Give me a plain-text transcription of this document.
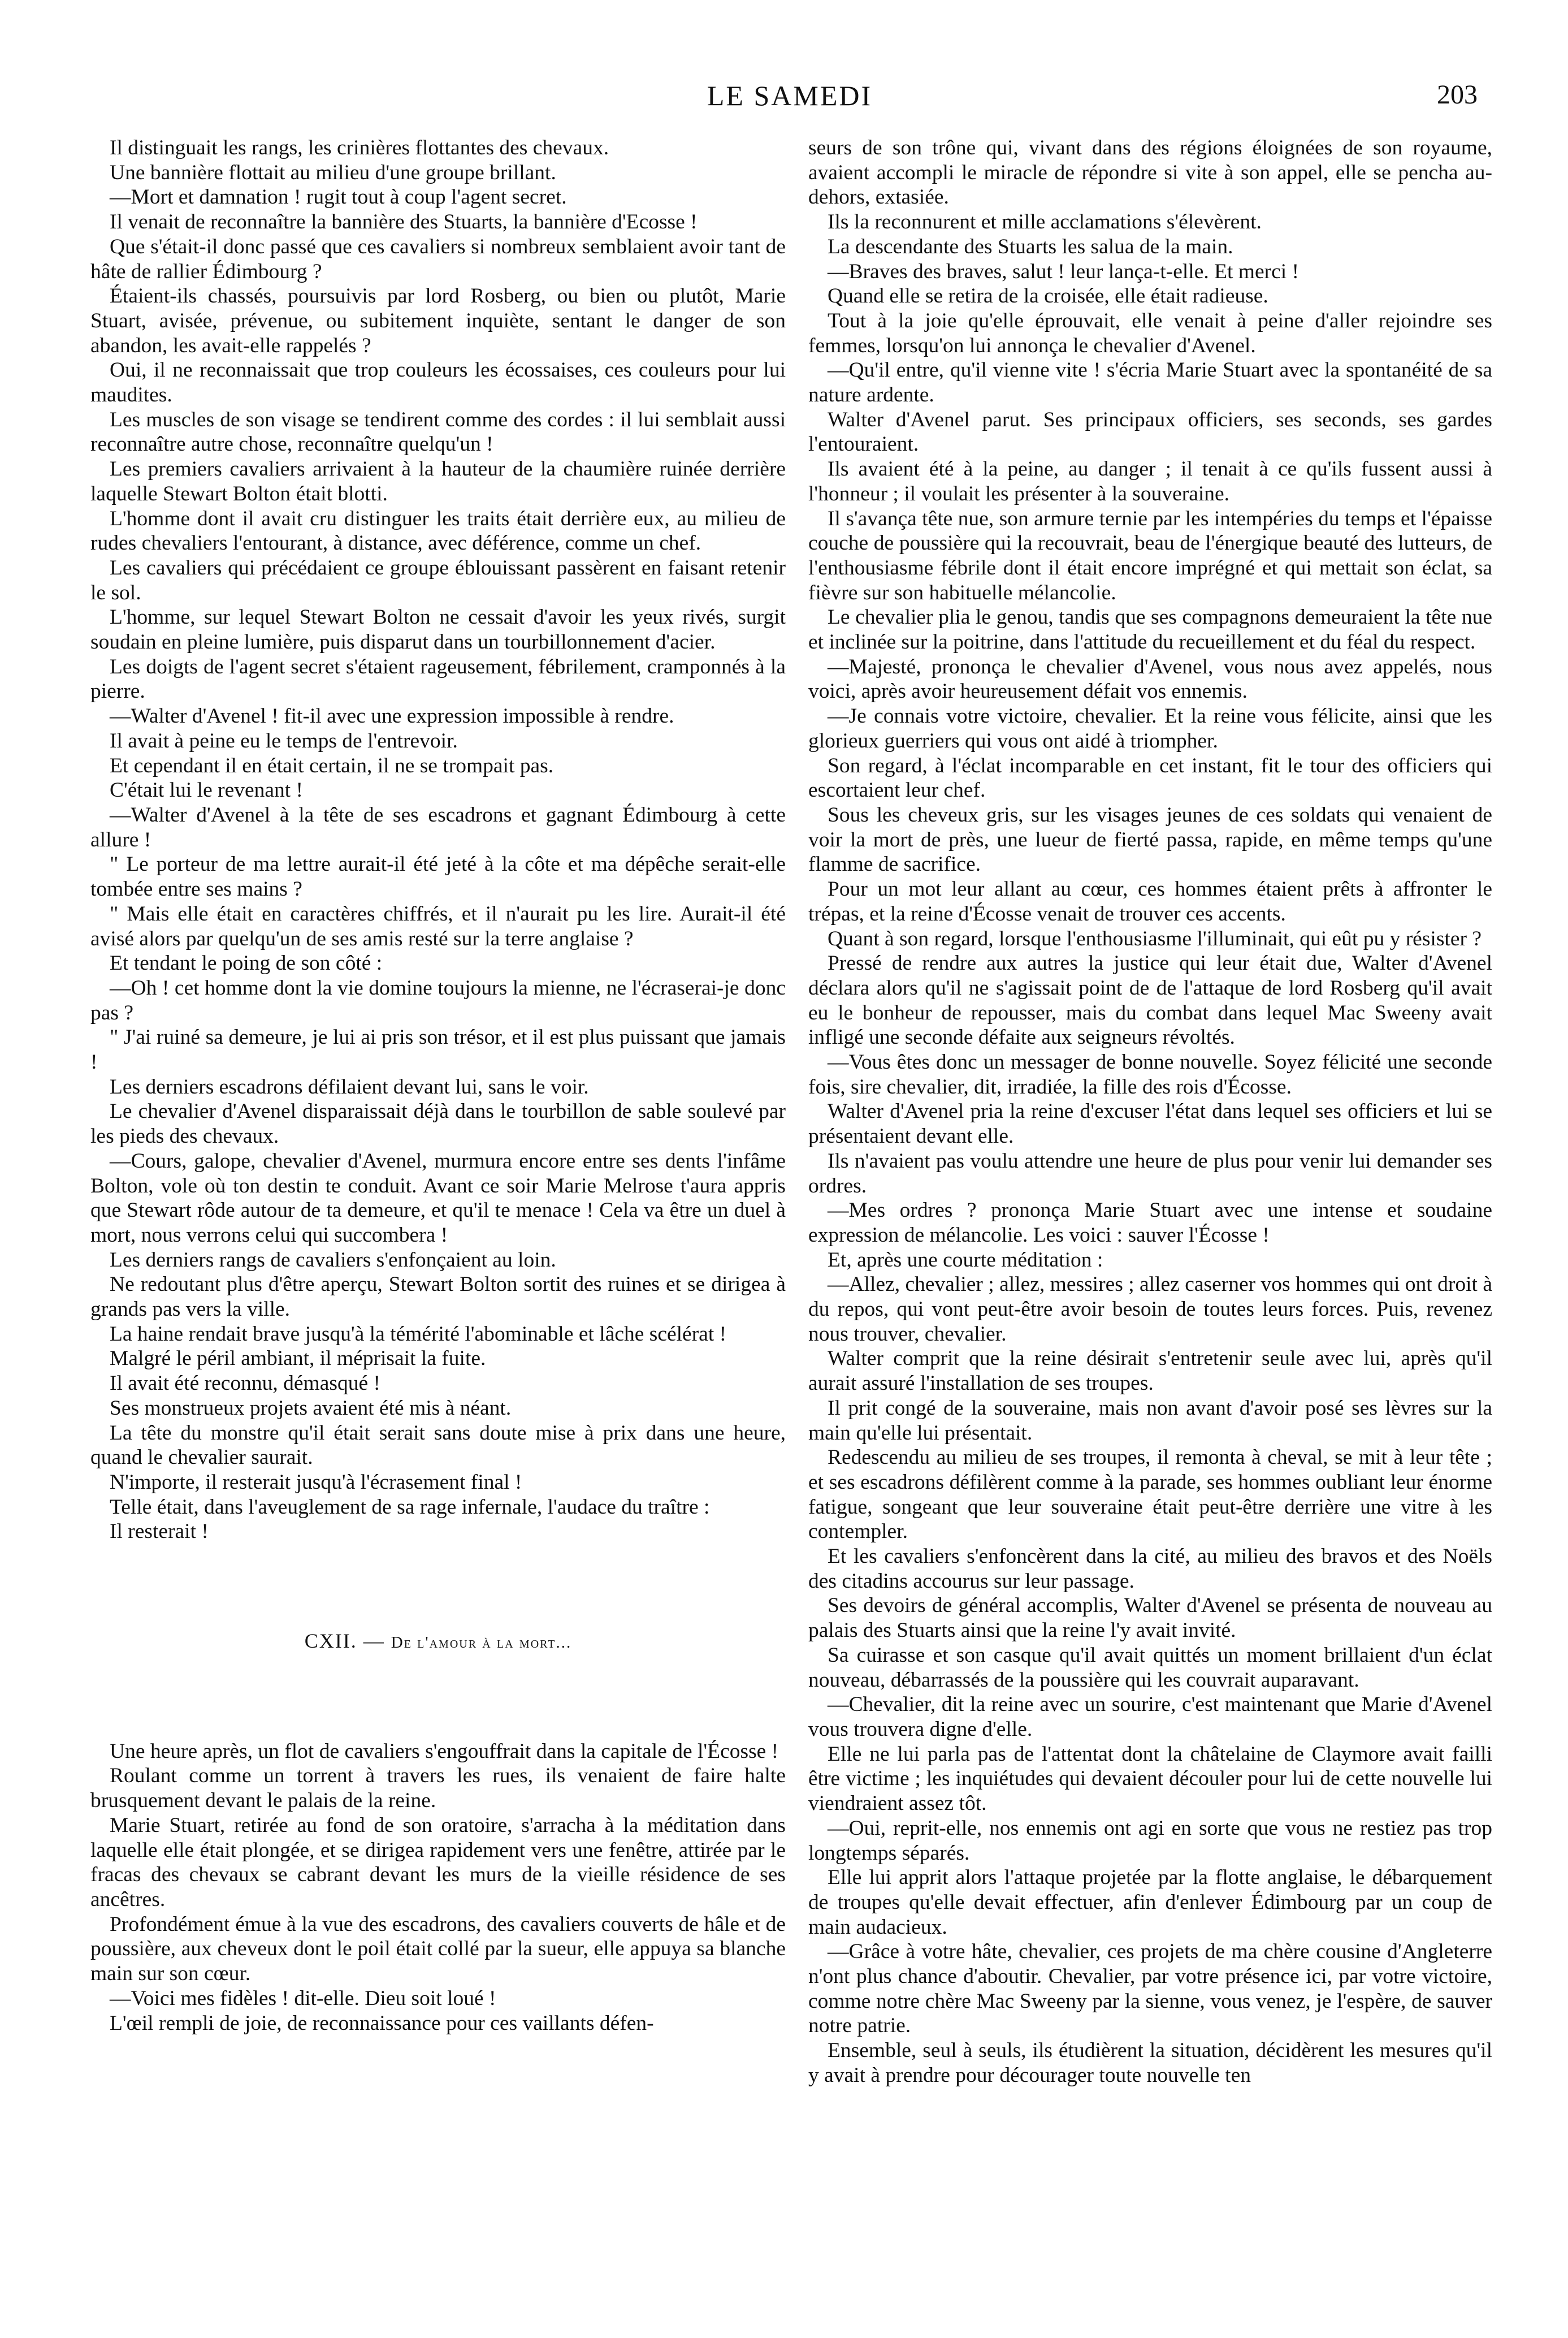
LE SAMEDI	203

Il distinguait les rangs, les crinières flottantes des chevaux.

Une bannière flottait au milieu d'une groupe brillant.

—Mort et damnation ! rugit tout à coup l'agent secret.

Il venait de reconnaître la bannière des Stuarts, la bannière d'Ecosse !

Que s'était-il donc passé que ces cavaliers si nombreux semblaient avoir tant de hâte de rallier Édimbourg ?

Étaient-ils chassés, poursuivis par lord Rosberg, ou bien ou plutôt, Marie Stuart, avisée, prévenue, ou subitement inquiète, sentant le danger de son abandon, les avait-elle rappelés ?

Oui, il ne reconnaissait que trop couleurs les écossaises, ces couleurs pour lui maudites.

Les muscles de son visage se tendirent comme des cordes : il lui semblait aussi reconnaître autre chose, reconnaître quelqu'un !

Les premiers cavaliers arrivaient à la hauteur de la chaumière ruinée derrière laquelle Stewart Bolton était blotti.

L'homme dont il avait cru distinguer les traits était derrière eux, au milieu de rudes chevaliers l'entourant, à distance, avec déférence, comme un chef.

Les cavaliers qui précédaient ce groupe éblouissant passèrent en faisant retenir le sol.

L'homme, sur lequel Stewart Bolton ne cessait d'avoir les yeux rivés, surgit soudain en pleine lumière, puis disparut dans un tourbillonnement d'acier.

Les doigts de l'agent secret s'étaient rageusement, fébrilement, cramponnés à la pierre.

—Walter d'Avenel ! fit-il avec une expression impossible à rendre.

Il avait à peine eu le temps de l'entrevoir.

Et cependant il en était certain, il ne se trompait pas.

C'était lui le revenant !

—Walter d'Avenel à la tête de ses escadrons et gagnant Édimbourg à cette allure !

" Le porteur de ma lettre aurait-il été jeté à la côte et ma dépêche serait-elle tombée entre ses mains ?

" Mais elle était en caractères chiffrés, et il n'aurait pu les lire. Aurait-il été avisé alors par quelqu'un de ses amis resté sur la terre anglaise ?

Et tendant le poing de son côté :

—Oh ! cet homme dont la vie domine toujours la mienne, ne l'écraserai-je donc pas ?

" J'ai ruiné sa demeure, je lui ai pris son trésor, et il est plus puissant que jamais !

Les derniers escadrons défilaient devant lui, sans le voir.

Le chevalier d'Avenel disparaissait déjà dans le tourbillon de sable soulevé par les pieds des chevaux.

—Cours, galope, chevalier d'Avenel, murmura encore entre ses dents l'infâme Bolton, vole où ton destin te conduit. Avant ce soir Marie Melrose t'aura appris que Stewart rôde autour de ta demeure, et qu'il te menace ! Cela va être un duel à mort, nous verrons celui qui succombera !

Les derniers rangs de cavaliers s'enfonçaient au loin.

Ne redoutant plus d'être aperçu, Stewart Bolton sortit des ruines et se dirigea à grands pas vers la ville.

La haine rendait brave jusqu'à la témérité l'abominable et lâche scélérat !

Malgré le péril ambiant, il méprisait la fuite.

Il avait été reconnu, démasqué !

Ses monstrueux projets avaient été mis à néant.

La tête du monstre qu'il était serait sans doute mise à prix dans une heure, quand le chevalier saurait.

N'importe, il resterait jusqu'à l'écrasement final !

Telle était, dans l'aveuglement de sa rage infernale, l'audace du traître :

Il resterait !

CXII. — De l'amour à la mort...

Une heure après, un flot de cavaliers s'engouffrait dans la capitale de l'Écosse !

Roulant comme un torrent à travers les rues, ils venaient de faire halte brusquement devant le palais de la reine.

Marie Stuart, retirée au fond de son oratoire, s'arracha à la méditation dans laquelle elle était plongée, et se dirigea rapidement vers une fenêtre, attirée par le fracas des chevaux se cabrant devant les murs de la vieille résidence de ses ancêtres.

Profondément émue à la vue des escadrons, des cavaliers couverts de hâle et de poussière, aux cheveux dont le poil était collé par la sueur, elle appuya sa blanche main sur son cœur.

—Voici mes fidèles ! dit-elle. Dieu soit loué !

L'œil rempli de joie, de reconnaissance pour ces vaillants défen-

seurs de son trône qui, vivant dans des régions éloignées de son royaume, avaient accompli le miracle de répondre si vite à son appel, elle se pencha au-dehors, extasiée.

Ils la reconnurent et mille acclamations s'élevèrent.

La descendante des Stuarts les salua de la main.

—Braves des braves, salut ! leur lança-t-elle. Et merci !

Quand elle se retira de la croisée, elle était radieuse.

Tout à la joie qu'elle éprouvait, elle venait à peine d'aller rejoindre ses femmes, lorsqu'on lui annonça le chevalier d'Avenel.

—Qu'il entre, qu'il vienne vite ! s'écria Marie Stuart avec la spontanéité de sa nature ardente.

Walter d'Avenel parut. Ses principaux officiers, ses seconds, ses gardes l'entouraient.

Ils avaient été à la peine, au danger ; il tenait à ce qu'ils fussent aussi à l'honneur ; il voulait les présenter à la souveraine.

Il s'avança tête nue, son armure ternie par les intempéries du temps et l'épaisse couche de poussière qui la recouvrait, beau de l'énergique beauté des lutteurs, de l'enthousiasme fébrile dont il était encore imprégné et qui mettait son éclat, sa fièvre sur son habituelle mélancolie.

Le chevalier plia le genou, tandis que ses compagnons demeuraient la tête nue et inclinée sur la poitrine, dans l'attitude du recueillement et du féal du respect.

—Majesté, prononça le chevalier d'Avenel, vous nous avez appelés, nous voici, après avoir heureusement défait vos ennemis.

—Je connais votre victoire, chevalier. Et la reine vous félicite, ainsi que les glorieux guerriers qui vous ont aidé à triompher.

Son regard, à l'éclat incomparable en cet instant, fit le tour des officiers qui escortaient leur chef.

Sous les cheveux gris, sur les visages jeunes de ces soldats qui venaient de voir la mort de près, une lueur de fierté passa, rapide, en même temps qu'une flamme de sacrifice.

Pour un mot leur allant au cœur, ces hommes étaient prêts à affronter le trépas, et la reine d'Écosse venait de trouver ces accents.

Quant à son regard, lorsque l'enthousiasme l'illuminait, qui eût pu y résister ?

Pressé de rendre aux autres la justice qui leur était due, Walter d'Avenel déclara alors qu'il ne s'agissait point de de l'attaque de lord Rosberg qu'il avait eu le bonheur de repousser, mais du combat dans lequel Mac Sweeny avait infligé une seconde défaite aux seigneurs révoltés.

—Vous êtes donc un messager de bonne nouvelle. Soyez félicité une seconde fois, sire chevalier, dit, irradiée, la fille des rois d'Écosse.

Walter d'Avenel pria la reine d'excuser l'état dans lequel ses officiers et lui se présentaient devant elle.

Ils n'avaient pas voulu attendre une heure de plus pour venir lui demander ses ordres.

—Mes ordres ? prononça Marie Stuart avec une intense et soudaine expression de mélancolie. Les voici : sauver l'Écosse !

Et, après une courte méditation :

—Allez, chevalier ; allez, messires ; allez caserner vos hommes qui ont droit à du repos, qui vont peut-être avoir besoin de toutes leurs forces. Puis, revenez nous trouver, chevalier.

Walter comprit que la reine désirait s'entretenir seule avec lui, après qu'il aurait assuré l'installation de ses troupes.

Il prit congé de la souveraine, mais non avant d'avoir posé ses lèvres sur la main qu'elle lui présentait.

Redescendu au milieu de ses troupes, il remonta à cheval, se mit à leur tête ; et ses escadrons défilèrent comme à la parade, ses hommes oubliant leur énorme fatigue, songeant que leur souveraine était peut-être derrière une vitre à les contempler.

Et les cavaliers s'enfoncèrent dans la cité, au milieu des bravos et des Noëls des citadins accourus sur leur passage.

Ses devoirs de général accomplis, Walter d'Avenel se présenta de nouveau au palais des Stuarts ainsi que la reine l'y avait invité.

Sa cuirasse et son casque qu'il avait quittés un moment brillaient d'un éclat nouveau, débarrassés de la poussière qui les couvrait auparavant.

—Chevalier, dit la reine avec un sourire, c'est maintenant que Marie d'Avenel vous trouvera digne d'elle.

Elle ne lui parla pas de l'attentat dont la châtelaine de Claymore avait failli être victime ; les inquiétudes qui devaient découler pour lui de cette nouvelle lui viendraient assez tôt.

—Oui, reprit-elle, nos ennemis ont agi en sorte que vous ne restiez pas trop longtemps séparés.

Elle lui apprit alors l'attaque projetée par la flotte anglaise, le débarquement de troupes qu'elle devait effectuer, afin d'enlever Édimbourg par un coup de main audacieux.

—Grâce à votre hâte, chevalier, ces projets de ma chère cousine d'Angleterre n'ont plus chance d'aboutir. Chevalier, par votre présence ici, par votre victoire, comme notre chère Mac Sweeny par la sienne, vous venez, je l'espère, de sauver notre patrie.

Ensemble, seul à seuls, ils étudièrent la situation, décidèrent les mesures qu'il y avait à prendre pour décourager toute nouvelle ten
